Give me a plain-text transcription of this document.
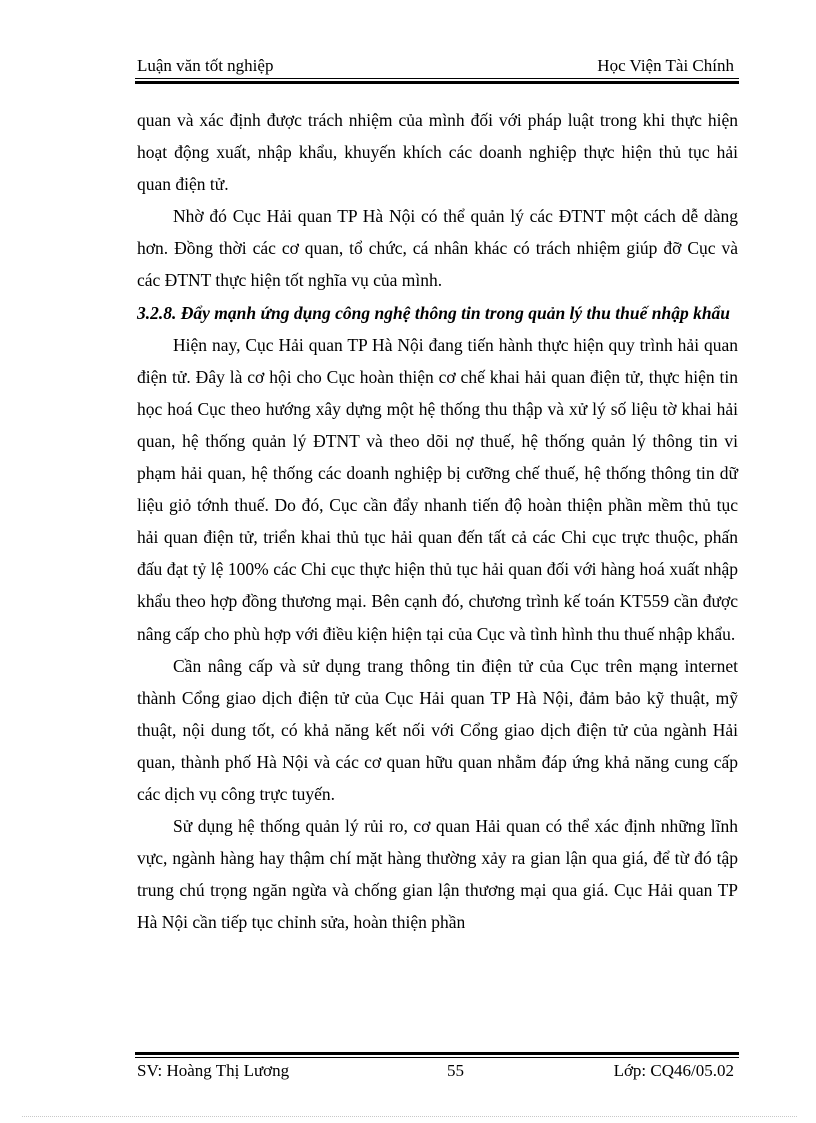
Luận văn tốt nghiệp	Học Viện Tài Chính

quan và xác định được trách nhiệm của mình đối với pháp luật trong khi thực hiện hoạt động xuất, nhập khẩu, khuyến khích các doanh nghiệp thực hiện thủ tục hải quan điện tử.

Nhờ đó Cục Hải quan TP Hà Nội có thể quản lý các ĐTNT một cách dễ dàng hơn. Đồng thời các cơ quan, tổ chức, cá nhân khác có trách nhiệm giúp đỡ Cục và các ĐTNT thực hiện tốt nghĩa vụ của mình.

3.2.8. Đẩy mạnh ứng dụng công nghệ thông tin trong quản lý thu thuế nhập khẩu

Hiện nay, Cục Hải quan TP Hà Nội đang tiến hành thực hiện quy trình hải quan điện tử. Đây là cơ hội cho Cục hoàn thiện cơ chế khai hải quan điện tử, thực hiện tin học hoá Cục theo hướng xây dựng một hệ thống thu thập và xử lý số liệu tờ khai hải quan, hệ thống quản lý ĐTNT và theo dõi nợ thuế, hệ thống quản lý thông tin vi phạm hải quan, hệ thống các doanh nghiệp bị cưỡng chế thuế, hệ thống thông tin dữ liệu giỏ tớnh thuế. Do đó, Cục cần đẩy nhanh tiến độ hoàn thiện phần mềm thủ tục hải quan điện tử, triển khai thủ tục hải quan đến tất cả các Chi cục trực thuộc, phấn đấu đạt tỷ lệ 100% các Chi cục thực hiện thủ tục hải quan đối với hàng hoá xuất nhập khẩu theo hợp đồng thương mại. Bên cạnh đó, chương trình kế toán KT559 cần được nâng cấp cho phù hợp với điều kiện hiện tại của Cục và tình hình thu thuế nhập khẩu.

Cần nâng cấp và sử dụng trang thông tin điện tử của Cục trên mạng internet thành Cổng giao dịch điện tử của Cục Hải quan TP Hà Nội, đảm bảo kỹ thuật, mỹ thuật, nội dung tốt, có khả năng kết nối với Cổng giao dịch điện tử của ngành Hải quan, thành phố Hà Nội và các cơ quan hữu quan nhằm đáp ứng khả năng cung cấp các dịch vụ công trực tuyến.

Sử dụng hệ thống quản lý rủi ro, cơ quan Hải quan có thể xác định những lĩnh vực, ngành hàng hay thậm chí mặt hàng thường xảy ra gian lận qua giá, để từ đó tập trung chú trọng ngăn ngừa và chống gian lận thương mại qua giá. Cục Hải quan TP Hà Nội cần tiếp tục chỉnh sửa, hoàn thiện phần

SV: Hoàng Thị Lương	55	Lớp: CQ46/05.02
